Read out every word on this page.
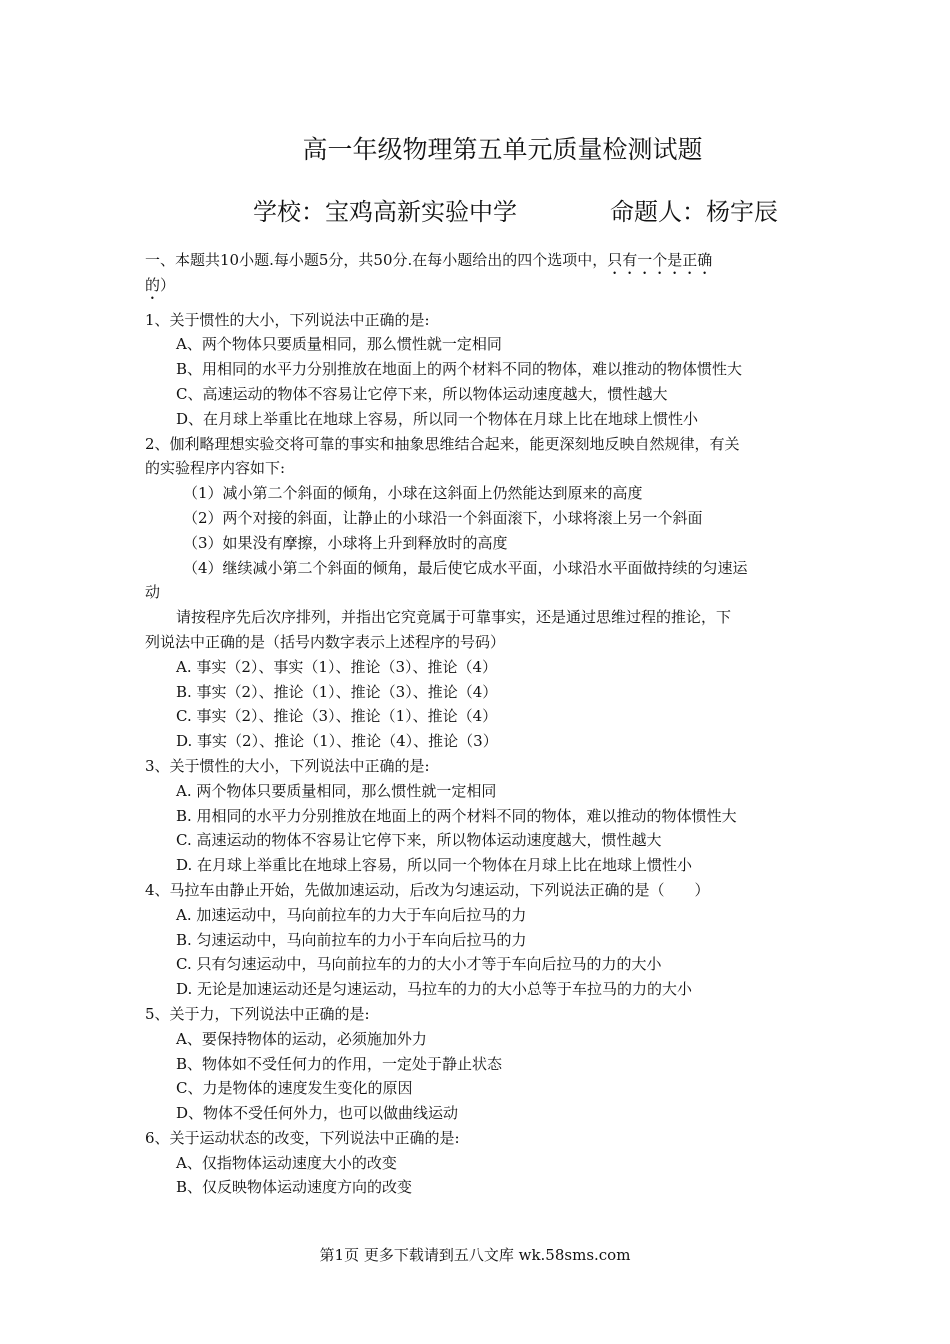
高一年级物理第五单元质量检测试题
学校：宝鸡高新实验中学	命题人：杨宇辰
一、本题共10小题.每小题5分，共50分.在每小题给出的四个选项中，只有一个是正确
的）
1、关于惯性的大小，下列说法中正确的是:
A、两个物体只要质量相同，那么惯性就一定相同
B、用相同的水平力分别推放在地面上的两个材料不同的物体，难以推动的物体惯性大
C、高速运动的物体不容易让它停下来，所以物体运动速度越大，惯性越大
D、在月球上举重比在地球上容易，所以同一个物体在月球上比在地球上惯性小
2、伽利略理想实验交将可靠的事实和抽象思维结合起来，能更深刻地反映自然规律，有关
的实验程序内容如下:
（1）减小第二个斜面的倾角，小球在这斜面上仍然能达到原来的高度
（2）两个对接的斜面，让静止的小球沿一个斜面滚下，小球将滚上另一个斜面
（3）如果没有摩擦，小球将上升到释放时的高度
（4）继续减小第二个斜面的倾角，最后使它成水平面，小球沿水平面做持续的匀速运
动
请按程序先后次序排列，并指出它究竟属于可靠事实，还是通过思维过程的推论，下
列说法中正确的是（括号内数字表示上述程序的号码）
A. 事实（2）、事实（1）、推论（3）、推论（4）
B. 事实（2）、推论（1）、推论（3）、推论（4）
C. 事实（2）、推论（3）、推论（1）、推论（4）
D. 事实（2）、推论（1）、推论（4）、推论（3）
3、关于惯性的大小，下列说法中正确的是:
A. 两个物体只要质量相同，那么惯性就一定相同
B. 用相同的水平力分别推放在地面上的两个材料不同的物体，难以推动的物体惯性大
C. 高速运动的物体不容易让它停下来，所以物体运动速度越大，惯性越大
D. 在月球上举重比在地球上容易，所以同一个物体在月球上比在地球上惯性小
4、马拉车由静止开始，先做加速运动，后改为匀速运动，下列说法正确的是（　　）
A. 加速运动中，马向前拉车的力大于车向后拉马的力
B. 匀速运动中，马向前拉车的力小于车向后拉马的力
C. 只有匀速运动中，马向前拉车的力的大小才等于车向后拉马的力的大小
D. 无论是加速运动还是匀速运动，马拉车的力的大小总等于车拉马的力的大小
5、关于力，下列说法中正确的是:
A、要保持物体的运动，必须施加外力
B、物体如不受任何力的作用，一定处于静止状态
C、力是物体的速度发生变化的原因
D、物体不受任何外力，也可以做曲线运动
6、关于运动状态的改变，下列说法中正确的是:
A、仅指物体运动速度大小的改变
B、仅反映物体运动速度方向的改变
第1页 更多下载请到五八文库 wk.58sms.com
